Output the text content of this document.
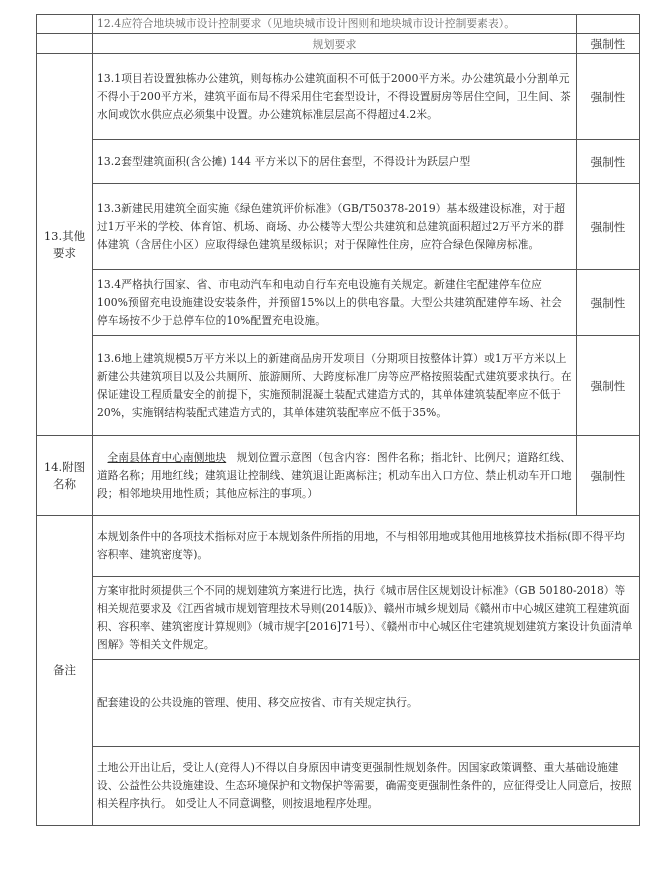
	12.4应符合地块城市设计控制要求（见地块城市设计图则和地块城市设计控制要素表）。	
	规划要求	强制性
13.其他要求	13.1项目若设置独栋办公建筑，则每栋办公建筑面积不可低于2000平方米。办公建筑最小分割单元不得小于200平方米，建筑平面布局不得采用住宅套型设计，不得设置厨房等居住空间，卫生间、茶水间或饮水供应点必须集中设置。办公建筑标准层层高不得超过4.2米。	强制性
	13.2套型建筑面积(含公摊) 144 平方米以下的居住套型，不得设计为跃层户型	强制性
	13.3新建民用建筑全面实施《绿色建筑评价标准》（GB/T50378-2019）基本级建设标准，对于超过1万平米的学校、体育馆、机场、商场、办公楼等大型公共建筑和总建筑面积超过2万平方米的群体建筑（含居住小区）应取得绿色建筑星级标识；对于保障性住房，应符合绿色保障房标准。	强制性
	13.4严格执行国家、省、市电动汽车和电动自行车充电设施有关规定。新建住宅配建停车位应100%预留充电设施建设安装条件，并预留15%以上的供电容量。大型公共建筑配建停车场、社会停车场按不少于总停车位的10%配置充电设施。	强制性
	13.6地上建筑规模5万平方米以上的新建商品房开发项目（分期项目按整体计算）或1万平方米以上新建公共建筑项目以及公共厕所、旅游厕所、大跨度标准厂房等应严格按照装配式建筑要求执行。在保证建设工程质量安全的前提下，实施预制混凝土装配式建造方式的，其单体建筑装配率应不低于20%，实施钢结构装配式建造方式的，其单体建筑装配率应不低于35%。	强制性
14.附图名称	全南县体育中心南侧地块 规划位置示意图（包含内容：图件名称；指北针、比例尺；道路红线、道路名称；用地红线；建筑退让控制线、建筑退让距离标注；机动车出入口方位、禁止机动车开口地段；相邻地块用地性质；其他应标注的事项。）	强制性
备注	本规划条件中的各项技术指标对应于本规划条件所指的用地，不与相邻用地或其他用地核算技术指标(即不得平均容积率、建筑密度等)。
方案审批时须提供三个不同的规划建筑方案进行比选，执行《城市居住区规划设计标准》（GB 50180-2018）等相关规范要求及《江西省城市规划管理技术导则(2014版)》、赣州市城乡规划局《赣州市中心城区建筑工程建筑面积、容积率、建筑密度计算规则》（城市规字[2016]71号）、《赣州市中心城区住宅建筑规划建筑方案设计负面清单图解》等相关文件规定。
配套建设的公共设施的管理、使用、移交应按省、市有关规定执行。
土地公开出让后，受让人(竞得人)不得以自身原因申请变更强制性规划条件。因国家政策调整、重大基础设施建设、公益性公共设施建设、生态环境保护和文物保护等需要，确需变更强制性条件的，应征得受让人同意后，按照相关程序执行。 如受让人不同意调整，则按退地程序处理。	
